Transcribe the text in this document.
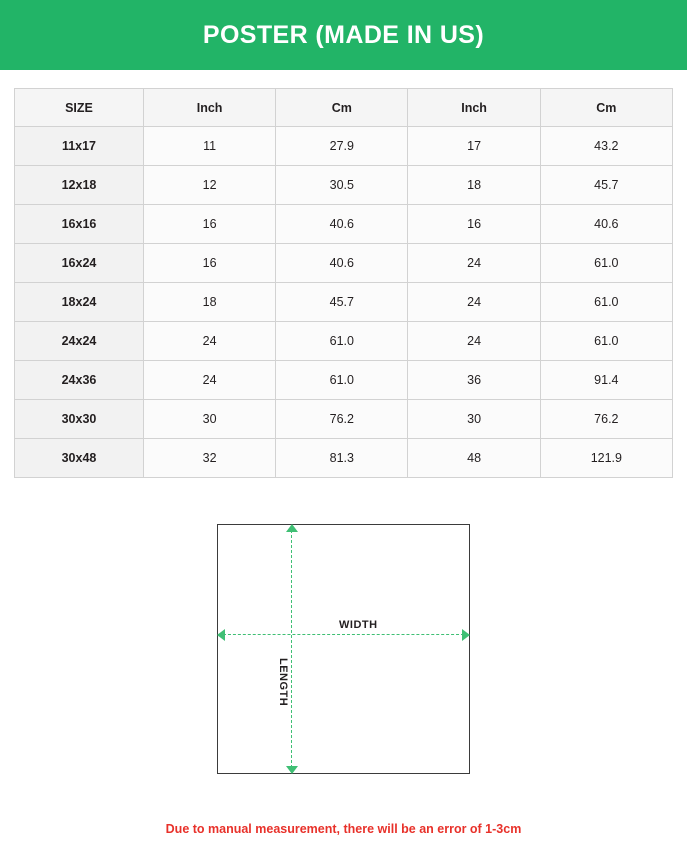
POSTER (MADE IN US)
SIZE	Inch	Cm	Inch	Cm
11x17	11	27.9	17	43.2
12x18	12	30.5	18	45.7
16x16	16	40.6	16	40.6
16x24	16	40.6	24	61.0
18x24	18	45.7	24	61.0
24x24	24	61.0	24	61.0
24x36	24	61.0	36	91.4
30x30	30	76.2	30	76.2
30x48	32	81.3	48	121.9
WIDTH
LENGTH
Due to manual measurement, there will be an error of 1-3cm
